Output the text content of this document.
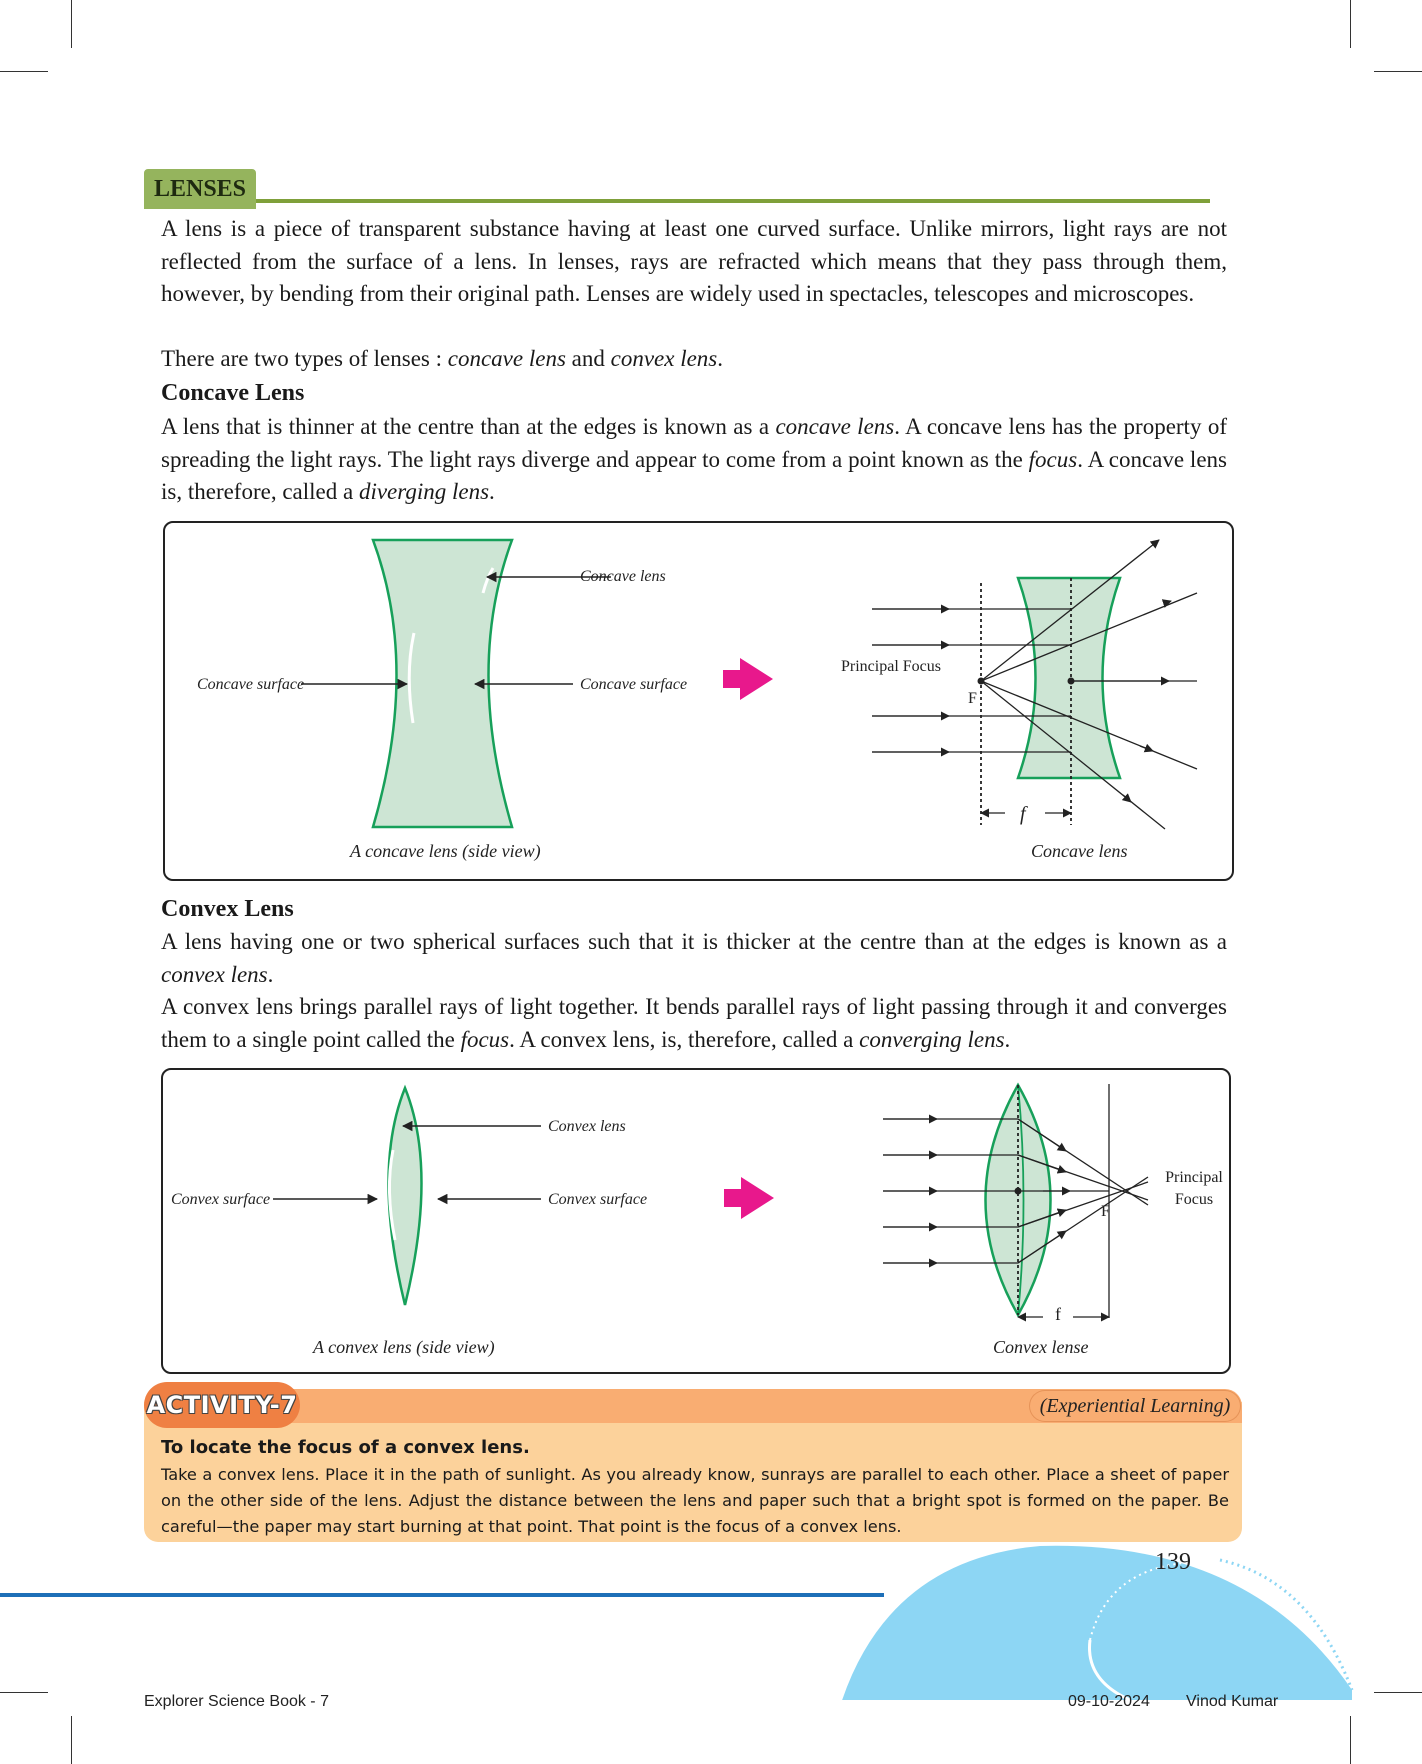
LENSES
A lens is a piece of transparent substance having at least one curved surface. Unlike mirrors, light rays are not reflected from the surface of a lens. In lenses, rays are refracted which means that they pass through them, however, by bending from their original path. Lenses are widely used in spectacles, telescopes and microscopes.
There are two types of lenses : concave lens and convex lens.
Concave Lens
A lens that is thinner at the centre than at the edges is known as a concave lens. A concave lens has the property of spreading the light rays. The light rays diverge and appear to come from a point known as the focus. A concave lens is, therefore, called a diverging lens.
Concave lens
Concave surface	Concave surface
A concave lens (side view)
Principal Focus
F
f
Concave lens
Convex Lens
A lens having one or two spherical surfaces such that it is thicker at the centre than at the edges is known as a convex lens.
A convex lens brings parallel rays of light together. It bends parallel rays of light passing through it and converges them to a single point called the focus. A convex lens, is, therefore, called a converging lens.
Convex lens
Convex surface	Convex surface
A convex lens (side view)
Principal
Focus
F
f
Convex lense
ACTIVITY-7	(Experiential Learning)
To locate the focus of a convex lens.
Take a convex lens. Place it in the path of sunlight. As you already know, sunrays are parallel to each other. Place a sheet of paper on the other side of the lens. Adjust the distance between the lens and paper such that a bright spot is formed on the paper. Be careful—the paper may start burning at that point. That point is the focus of a convex lens.
139
Explorer Science Book - 7	09-10-2024 Vinod Kumar
